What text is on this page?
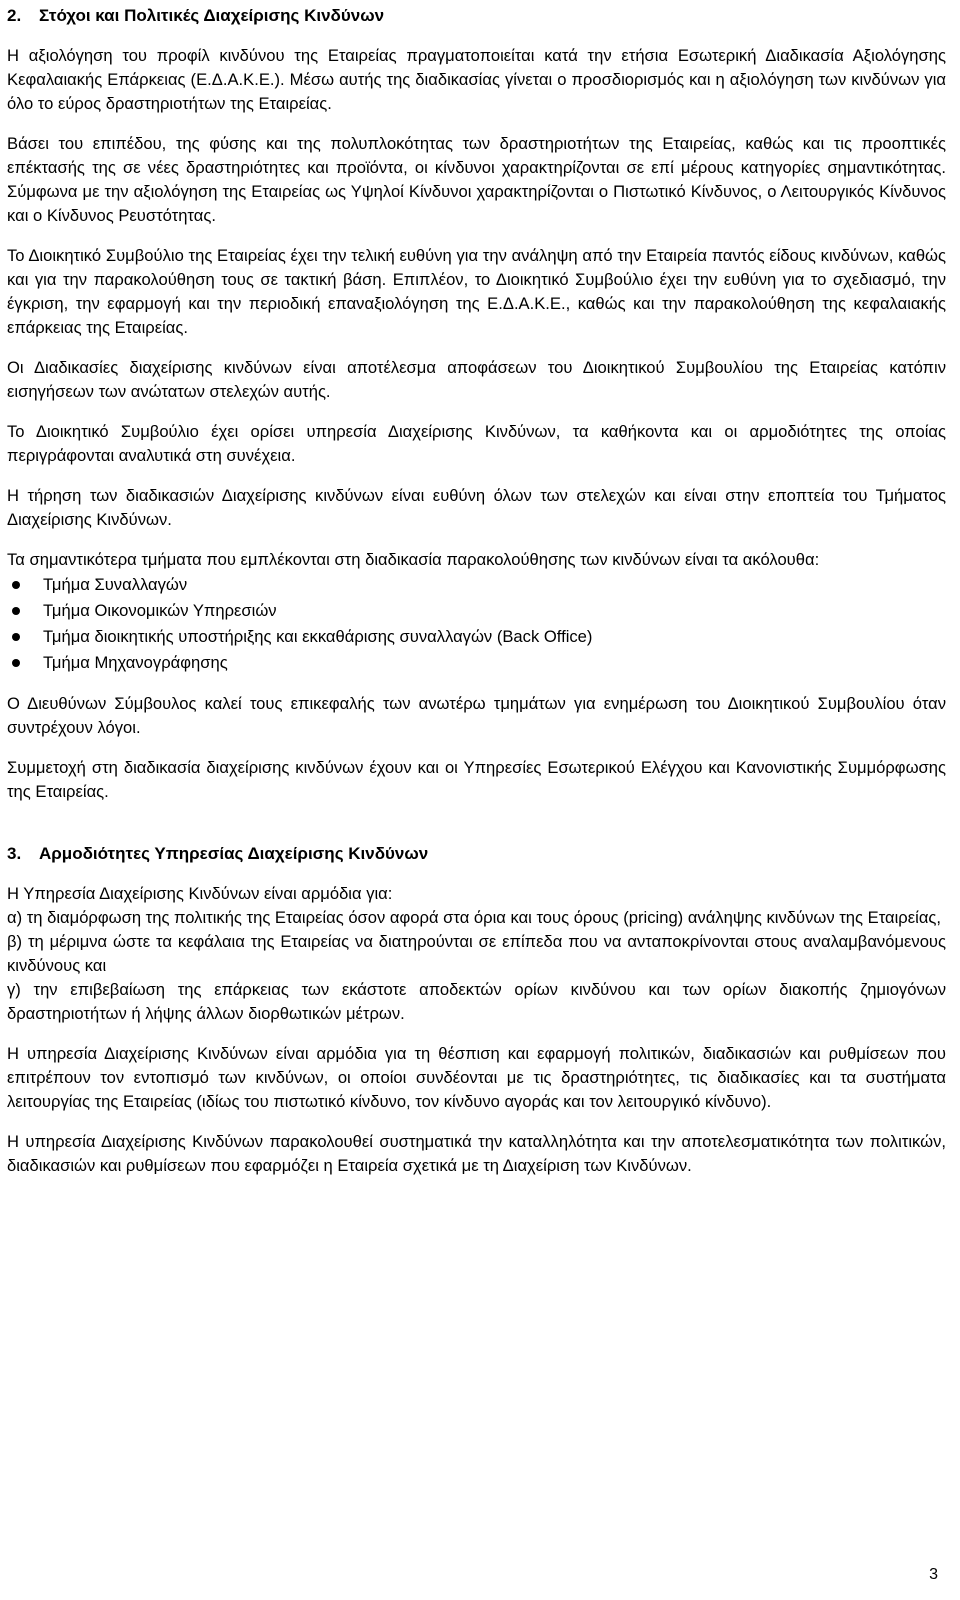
2.	Στόχοι και Πολιτικές Διαχείρισης Κινδύνων

Η αξιολόγηση του προφίλ κινδύνου της Εταιρείας πραγματοποιείται κατά την ετήσια Εσωτερική Διαδικασία Αξιολόγησης Κεφαλαιακής Επάρκειας (Ε.Δ.Α.Κ.Ε.). Μέσω αυτής της διαδικασίας γίνεται ο προσδιορισμός και η αξιολόγηση των κινδύνων για όλο το εύρος δραστηριοτήτων της Εταιρείας.

Βάσει του επιπέδου, της φύσης και της πολυπλοκότητας των δραστηριοτήτων της Εταιρείας, καθώς και τις προοπτικές επέκτασής της σε νέες δραστηριότητες και προϊόντα, οι κίνδυνοι χαρακτηρίζονται σε επί μέρους κατηγορίες σημαντικότητας. Σύμφωνα με την αξιολόγηση της Εταιρείας ως Υψηλοί Κίνδυνοι χαρακτηρίζονται ο Πιστωτικό Κίνδυνος, ο Λειτουργικός Κίνδυνος και ο Κίνδυνος Ρευστότητας.

Το Διοικητικό Συμβούλιο της Εταιρείας έχει την τελική ευθύνη για την ανάληψη από την Εταιρεία παντός είδους κινδύνων, καθώς και για την παρακολούθηση τους σε τακτική βάση. Επιπλέον, το Διοικητικό Συμβούλιο έχει την ευθύνη για το σχεδιασμό, την έγκριση, την εφαρμογή και την περιοδική επαναξιολόγηση της Ε.Δ.Α.Κ.Ε., καθώς και την παρακολούθηση της κεφαλαιακής επάρκειας της Εταιρείας.

Οι Διαδικασίες διαχείρισης κινδύνων είναι αποτέλεσμα αποφάσεων του Διοικητικού Συμβουλίου της Εταιρείας κατόπιν εισηγήσεων των ανώτατων στελεχών αυτής.

Το Διοικητικό Συμβούλιο έχει ορίσει υπηρεσία Διαχείρισης Κινδύνων, τα καθήκοντα και οι αρμοδιότητες της οποίας περιγράφονται αναλυτικά στη συνέχεια.

Η τήρηση των διαδικασιών Διαχείρισης κινδύνων είναι ευθύνη όλων των στελεχών και είναι στην εποπτεία του Τμήματος Διαχείρισης Κινδύνων.

Τα σημαντικότερα τμήματα που εμπλέκονται στη διαδικασία παρακολούθησης των κινδύνων είναι τα ακόλουθα:

Τμήμα Συναλλαγών
Τμήμα Οικονομικών Υπηρεσιών
Τμήμα διοικητικής υποστήριξης και εκκαθάρισης συναλλαγών (Back Office)
Τμήμα Μηχανογράφησης

Ο Διευθύνων Σύμβουλος καλεί τους επικεφαλής των ανωτέρω τμημάτων για ενημέρωση του Διοικητικού Συμβουλίου όταν συντρέχουν λόγοι.

Συμμετοχή στη διαδικασία διαχείρισης κινδύνων έχουν και οι Υπηρεσίες Εσωτερικού Ελέγχου και Κανονιστικής Συμμόρφωσης της Εταιρείας.

3.	Αρμοδιότητες Υπηρεσίας Διαχείρισης Κινδύνων

Η Υπηρεσία Διαχείρισης Κινδύνων είναι αρμόδια για:

α) τη διαμόρφωση της πολιτικής της Εταιρείας όσον αφορά στα όρια και τους όρους (pricing) ανάληψης κινδύνων της Εταιρείας,

β) τη μέριμνα ώστε τα κεφάλαια της Εταιρείας να διατηρούνται σε επίπεδα που να ανταποκρίνονται στους αναλαμβανόμενους κινδύνους και

γ) την επιβεβαίωση της επάρκειας των εκάστοτε αποδεκτών ορίων κινδύνου και των ορίων διακοπής ζημιογόνων δραστηριοτήτων ή λήψης άλλων διορθωτικών μέτρων.

Η υπηρεσία Διαχείρισης Κινδύνων είναι αρμόδια για τη θέσπιση και εφαρμογή πολιτικών, διαδικασιών και ρυθμίσεων που επιτρέπουν τον εντοπισμό των κινδύνων, οι οποίοι συνδέονται με τις δραστηριότητες, τις διαδικασίες και τα συστήματα λειτουργίας της Εταιρείας (ιδίως του πιστωτικό κίνδυνο, τον κίνδυνο αγοράς και τον λειτουργικό κίνδυνο).

Η υπηρεσία Διαχείρισης Κινδύνων παρακολουθεί συστηματικά την καταλληλότητα και την αποτελεσματικότητα των πολιτικών, διαδικασιών και ρυθμίσεων που εφαρμόζει η Εταιρεία σχετικά με τη Διαχείριση των Κινδύνων.

3
